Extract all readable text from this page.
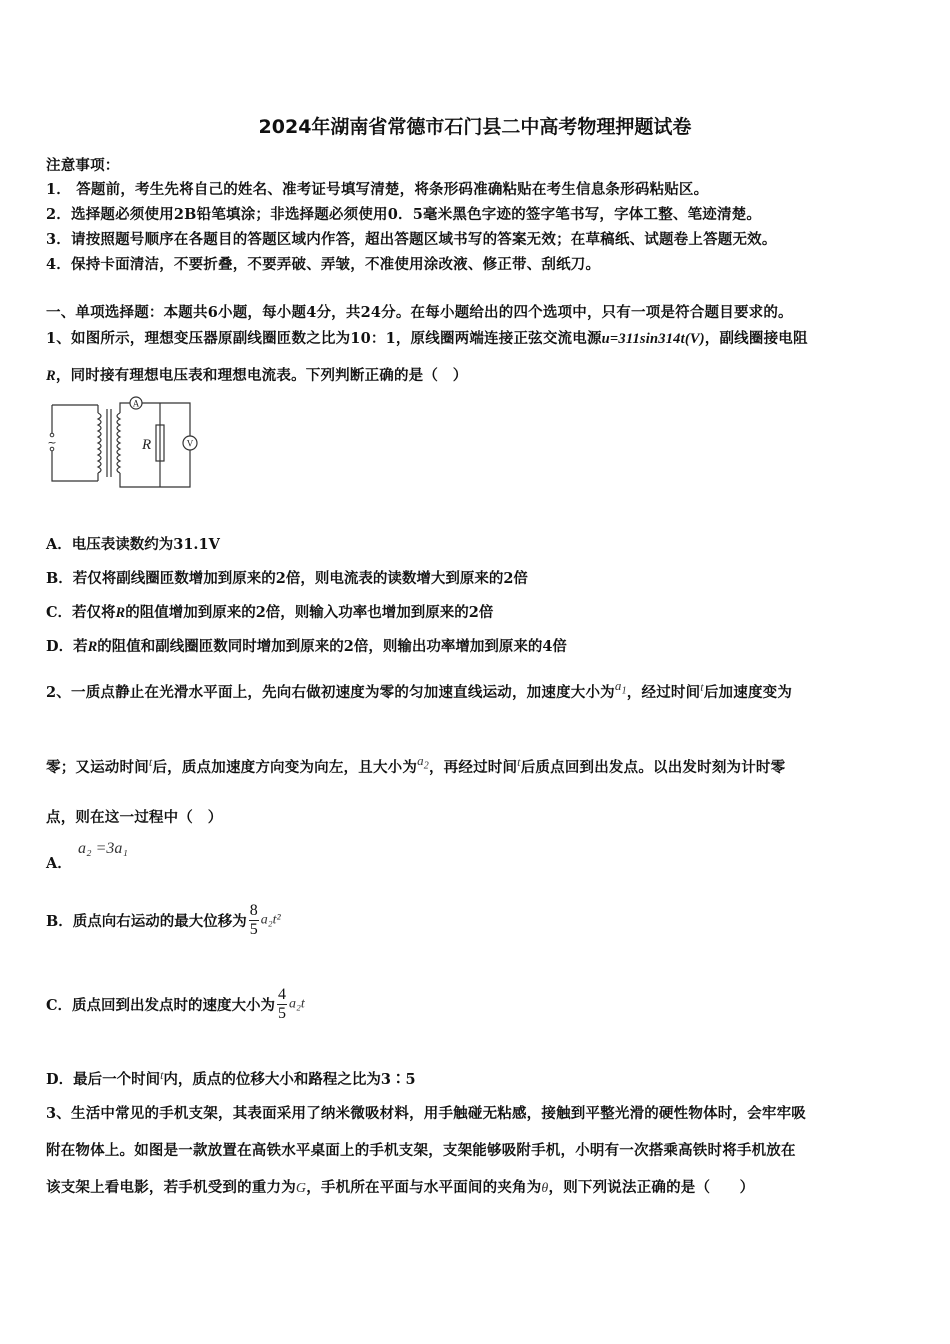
2024年湖南省常德市石门县二中高考物理押题试卷
注意事项：
1． 答题前，考生先将自己的姓名、准考证号填写清楚，将条形码准确粘贴在考生信息条形码粘贴区。
2．选择题必须使用2B铅笔填涂；非选择题必须使用0．5毫米黑色字迹的签字笔书写，字体工整、笔迹清楚。
3．请按照题号顺序在各题目的答题区域内作答，超出答题区域书写的答案无效；在草稿纸、试题卷上答题无效。
4．保持卡面清洁，不要折叠，不要弄破、弄皱，不准使用涂改液、修正带、刮纸刀。
一、单项选择题：本题共6小题，每小题4分，共24分。在每小题给出的四个选项中，只有一项是符合题目要求的。
1、如图所示，理想变压器原副线圈匝数之比为10：1，原线圈两端连接正弦交流电源u=311sin314t(V)，副线圈接电阻
R，同时接有理想电压表和理想电流表。下列判断正确的是（　）
A
V
R
~
A．电压表读数约为31.1V
B．若仅将副线圈匝数增加到原来的2倍，则电流表的读数增大到原来的2倍
C．若仅将R的阻值增加到原来的2倍，则输入功率也增加到原来的2倍
D．若R的阻值和副线圈匝数同时增加到原来的2倍，则输出功率增加到原来的4倍
2、一质点静止在光滑水平面上，先向右做初速度为零的匀加速直线运动，加速度大小为$a_1$，经过时间$^t$后加速度变为
零；又运动时间$^t$后，质点加速度方向变为向左，且大小为$a_2$，再经过时间$^t$后质点回到出发点。以出发时刻为计时零
点，则在这一过程中（　）
A．
a₂ =3a₁
B．质点向右运动的最大位移为 $\frac{8}{5} a_2t^2$
C．质点回到出发点时的速度大小为 $\frac{4}{5} a_2t$
D．最后一个时间$^t$内，质点的位移大小和路程之比为3∶5
3、生活中常见的手机支架，其表面采用了纳米微吸材料，用手触碰无粘感，接触到平整光滑的硬性物体时，会牢牢吸
附在物体上。如图是一款放置在高铁水平桌面上的手机支架，支架能够吸附手机，小明有一次搭乘高铁时将手机放在
该支架上看电影，若手机受到的重力为G，手机所在平面与水平面间的夹角为θ，则下列说法正确的是（　　）
